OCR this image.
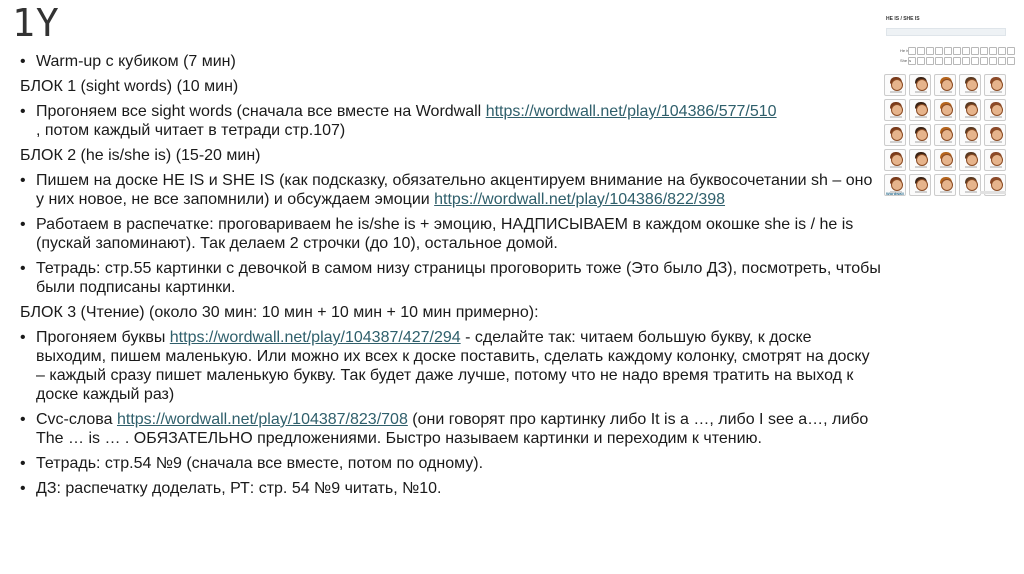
1Y
• Warm-up с кубиком (7 мин)
БЛОК 1 (sight words) (10 мин)
• Прогоняем все sight words (сначала все вместе на Wordwall https://wordwall.net/play/104386/577/510
, потом каждый читает в тетради стр.107)
БЛОК 2 (he is/she is) (15-20 мин)
• Пишем на доске HE IS и SHE IS (как подсказку, обязательно акцентируем внимание на буквосочетании sh – оно у них новое, не все запомнили) и обсуждаем эмоции https://wordwall.net/play/104386/822/398
• Работаем в распечатке: проговариваем he is/she is + эмоцию, НАДПИСЫВАЕМ в каждом окошке she is / he is (пускай запоминают). Так делаем 2 строчки (до 10), остальное домой.
• Тетрадь: стр.55 картинки с девочкой в самом низу страницы проговорить тоже (Это было ДЗ), посмотреть, чтобы были подписаны картинки.
БЛОК 3 (Чтение) (около 30 мин: 10 мин + 10 мин + 10 мин примерно):
• Прогоняем буквы https://wordwall.net/play/104387/427/294 - сделайте так: читаем большую букву, к доске выходим, пишем маленькую. Или можно их всех к доске поставить, сделать каждому колонку, смотрят на доску – каждый сразу пишет маленькую букву. Так будет даже лучше, потому что не надо время тратить на выход к доске каждый раз)
• Cvc-слова https://wordwall.net/play/104387/823/708 (они говорят про картинку либо It is a …, либо I see a…, либо The … is … . ОБЯЗАТЕЛЬНО предложениями. Быстро называем картинки и переходим к чтению.
• Тетрадь: стр.54 №9 (сначала все вместе, потом по одному).
• ДЗ: распечатку доделать, РТ: стр. 54 №9 читать, №10.
HE IS / SHE IS
He is
She is
Wordwall
